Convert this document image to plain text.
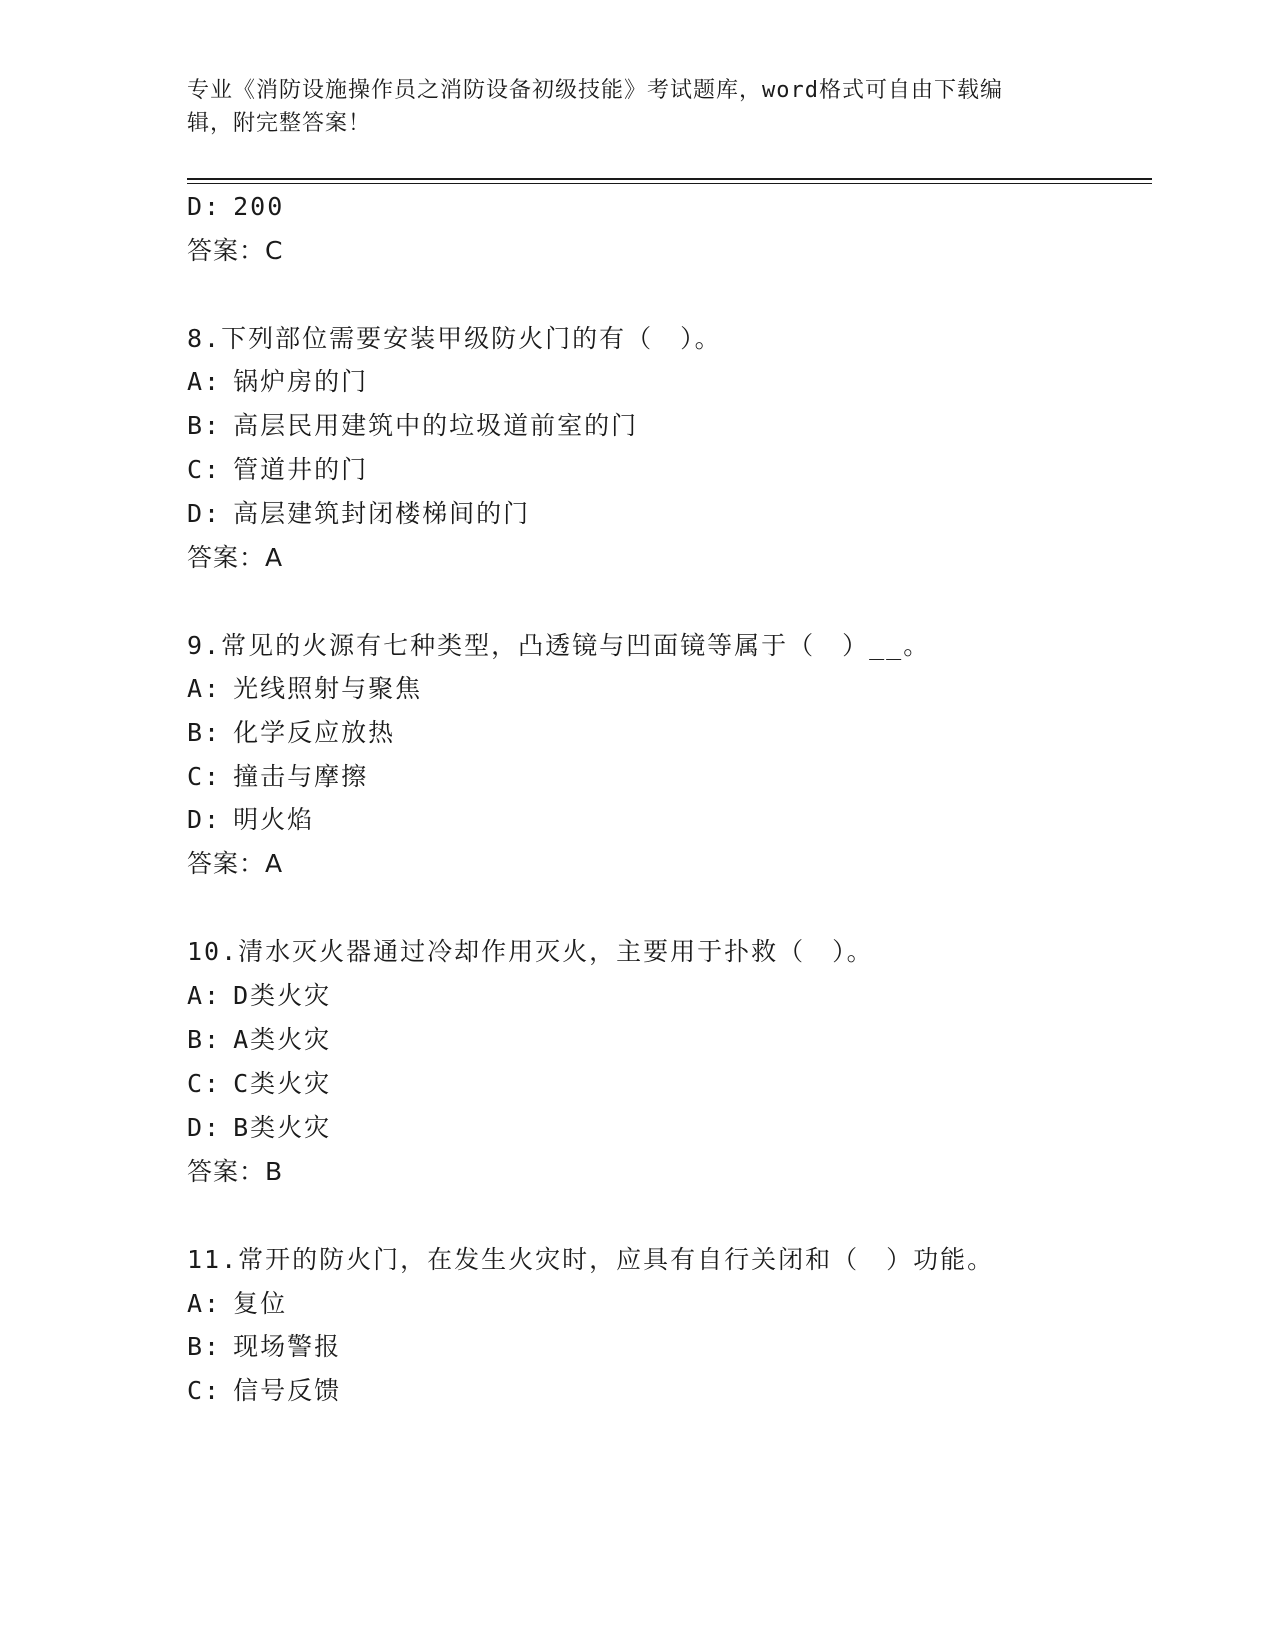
专业《消防设施操作员之消防设备初级技能》考试题库，word格式可自由下载编
辑，附完整答案！
D: 200
答案：C
8.下列部位需要安装甲级防火门的有（　）。
A: 锅炉房的门
B: 高层民用建筑中的垃圾道前室的门
C: 管道井的门
D: 高层建筑封闭楼梯间的门
答案：A
9.常见的火源有七种类型，凸透镜与凹面镜等属于（　）__。
A: 光线照射与聚焦
B: 化学反应放热
C: 撞击与摩擦
D: 明火焰
答案：A
10.清水灭火器通过冷却作用灭火，主要用于扑救（　）。
A: D类火灾
B: A类火灾
C: C类火灾
D: B类火灾
答案：B
11.常开的防火门，在发生火灾时，应具有自行关闭和（　）功能。
A: 复位
B: 现场警报
C: 信号反馈
